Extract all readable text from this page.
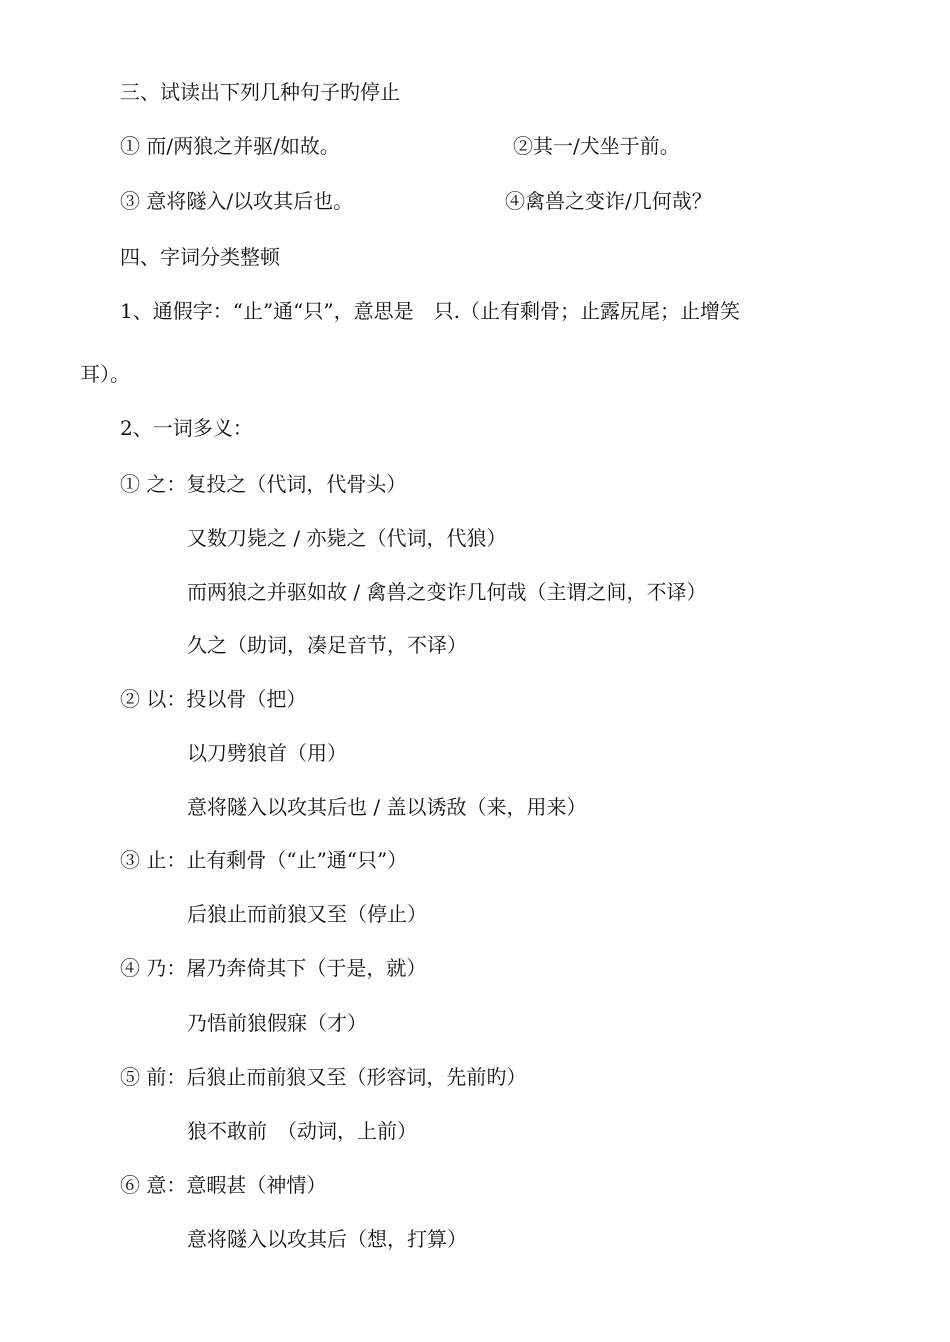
三、试读出下列几种句子旳停止
① 而/两狼之并驱/如故。	②其一/犬坐于前。
③ 意将隧入/以攻其后也。	④禽兽之变诈/几何哉？
四、字词分类整顿
1、通假字：“止”通“只”，意思是　只.（止有剩骨；止露尻尾；止增笑
耳）。
2、一词多义：
① 之：复投之（代词，代骨头）
又数刀毙之 / 亦毙之（代词，代狼）
而两狼之并驱如故 / 禽兽之变诈几何哉（主谓之间，不译）
久之（助词，凑足音节，不译）
② 以：投以骨（把）
以刀劈狼首（用）
意将隧入以攻其后也 / 盖以诱敌（来，用来）
③ 止：止有剩骨（“止”通“只”）
后狼止而前狼又至（停止）
④ 乃：屠乃奔倚其下（于是，就）
乃悟前狼假寐（才）
⑤ 前：后狼止而前狼又至（形容词，先前旳）
狼不敢前　（动词，上前）
⑥ 意：意暇甚（神情）
意将隧入以攻其后（想，打算）
